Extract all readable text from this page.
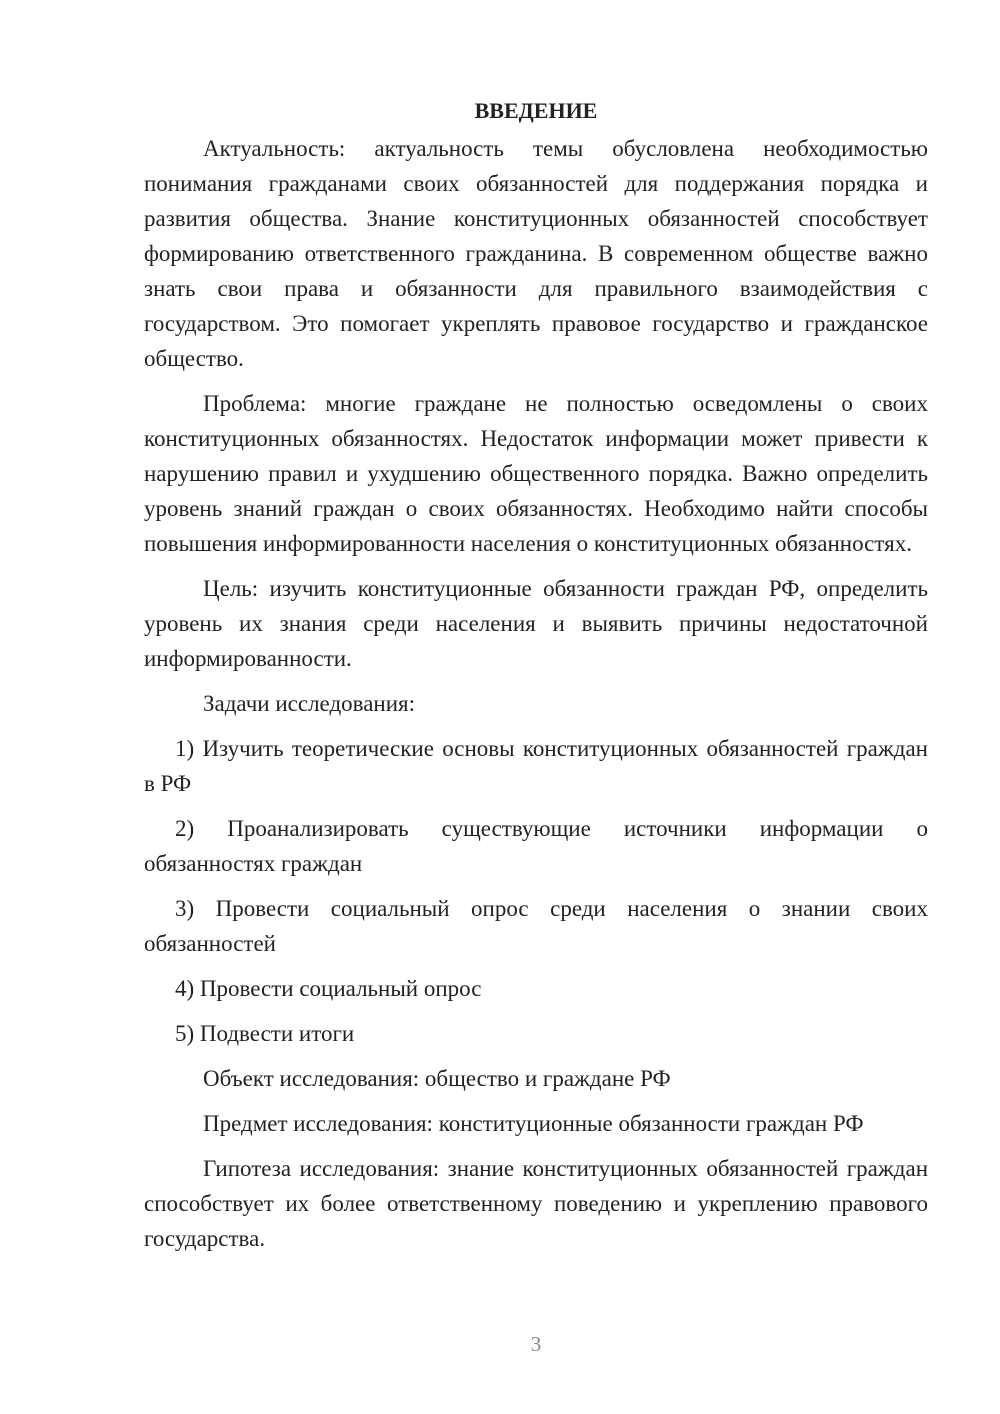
ВВЕДЕНИЕ

Актуальность: актуальность темы обусловлена необходимостью понимания гражданами своих обязанностей для поддержания порядка и развития общества. Знание конституционных обязанностей способствует формированию ответственного гражданина. В современном обществе важно знать свои права и обязанности для правильного взаимодействия с государством. Это помогает укреплять правовое государство и гражданское общество.

Проблема: многие граждане не полностью осведомлены о своих конституционных обязанностях. Недостаток информации может привести к нарушению правил и ухудшению общественного порядка. Важно определить уровень знаний граждан о своих обязанностях. Необходимо найти способы повышения информированности населения о конституционных обязанностях.

Цель: изучить конституционные обязанности граждан РФ, определить уровень их знания среди населения и выявить причины недостаточной информированности.

Задачи исследования:

1) Изучить теоретические основы конституционных обязанностей граждан в РФ

2) Проанализировать существующие источники информации о обязанностях граждан

3) Провести социальный опрос среди населения о знании своих обязанностей

4) Провести социальный опрос

5) Подвести итоги

Объект исследования: общество и граждане РФ

Предмет исследования: конституционные обязанности граждан РФ

Гипотеза исследования: знание конституционных обязанностей граждан способствует их более ответственному поведению и укреплению правового государства.

3
